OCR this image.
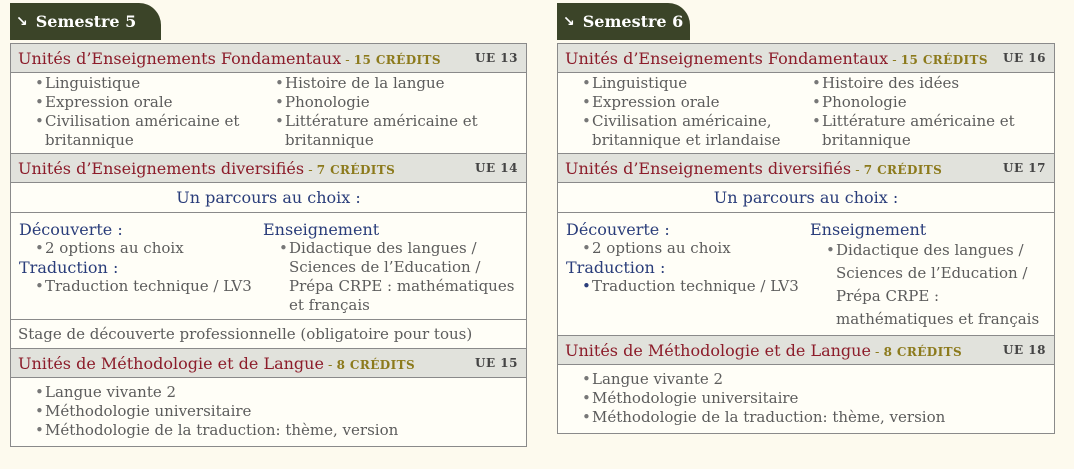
↘ Semestre 5
Unités d’Enseignements Fondamentaux - 15 CRÉDITS	UE 13
• Linguistique
• Expression orale
• Civilisation américaine et britannique
• Histoire de la langue
• Phonologie
• Littérature américaine et britannique
Unités d’Enseignements diversifiés - 7 CRÉDITS	UE 14
Un parcours au choix :
Découverte :
• 2 options au choix
Traduction :
• Traduction technique / LV3
Enseignement
• Didactique des langues / Sciences de l’Education / Prépa CRPE : mathématiques et français
Stage de découverte professionnelle (obligatoire pour tous)
Unités de Méthodologie et de Langue - 8 CRÉDITS	UE 15
• Langue vivante 2
• Méthodologie universitaire
• Méthodologie de la traduction: thème, version
↘ Semestre 6
Unités d’Enseignements Fondamentaux - 15 CRÉDITS UE 16
• Linguistique
• Expression orale
• Civilisation américaine, britannique et irlandaise
• Histoire des idées
• Phonologie
• Littérature américaine et britannique
Unités d’Enseignements diversifiés - 7 CRÉDITS	UE 17
Un parcours au choix :
Découverte :
• 2 options au choix
Traduction :
• Traduction technique / LV3
Enseignement
• Didactique des langues / Sciences de l’Education / Prépa CRPE : mathématiques et français
Unités de Méthodologie et de Langue - 8 CRÉDITS	UE 18
• Langue vivante 2
• Méthodologie universitaire
• Méthodologie de la traduction: thème, version
